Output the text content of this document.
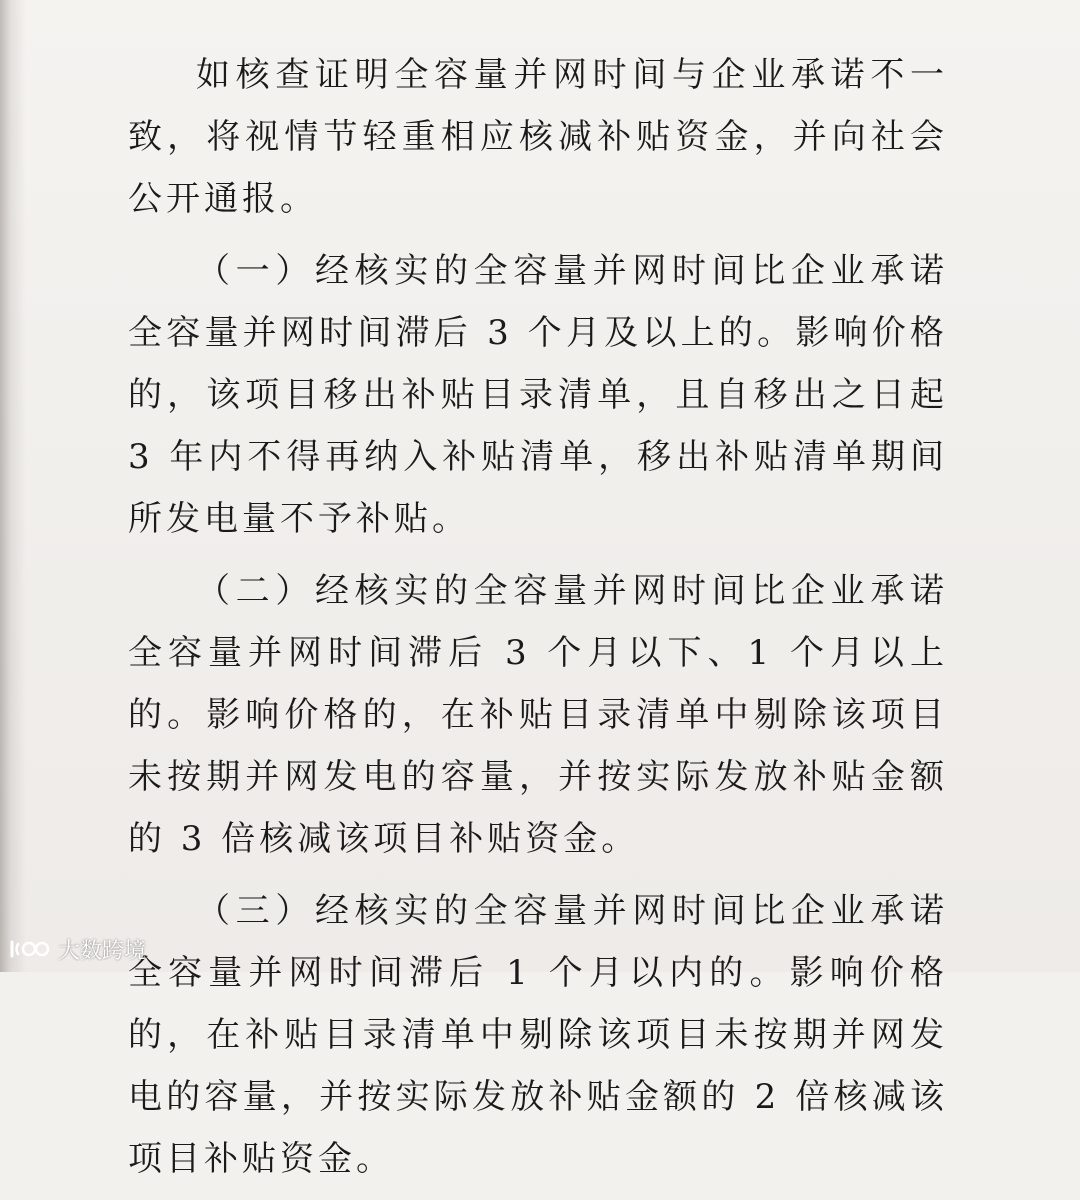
如核查证明全容量并网时间与企业承诺不一致，将视情节轻重相应核减补贴资金，并向社会公开通报。

（一）经核实的全容量并网时间比企业承诺全容量并网时间滞后 3 个月及以上的。影响价格的，该项目移出补贴目录清单，且自移出之日起 3 年内不得再纳入补贴清单，移出补贴清单期间所发电量不予补贴。

（二）经核实的全容量并网时间比企业承诺全容量并网时间滞后 3 个月以下、1 个月以上的。影响价格的，在补贴目录清单中剔除该项目未按期并网发电的容量，并按实际发放补贴金额的 3 倍核减该项目补贴资金。

（三）经核实的全容量并网时间比企业承诺全容量并网时间滞后 1 个月以内的。影响价格的，在补贴目录清单中剔除该项目未按期并网发电的容量，并按实际发放补贴金额的 2 倍核减该项目补贴资金。

大数跨境
